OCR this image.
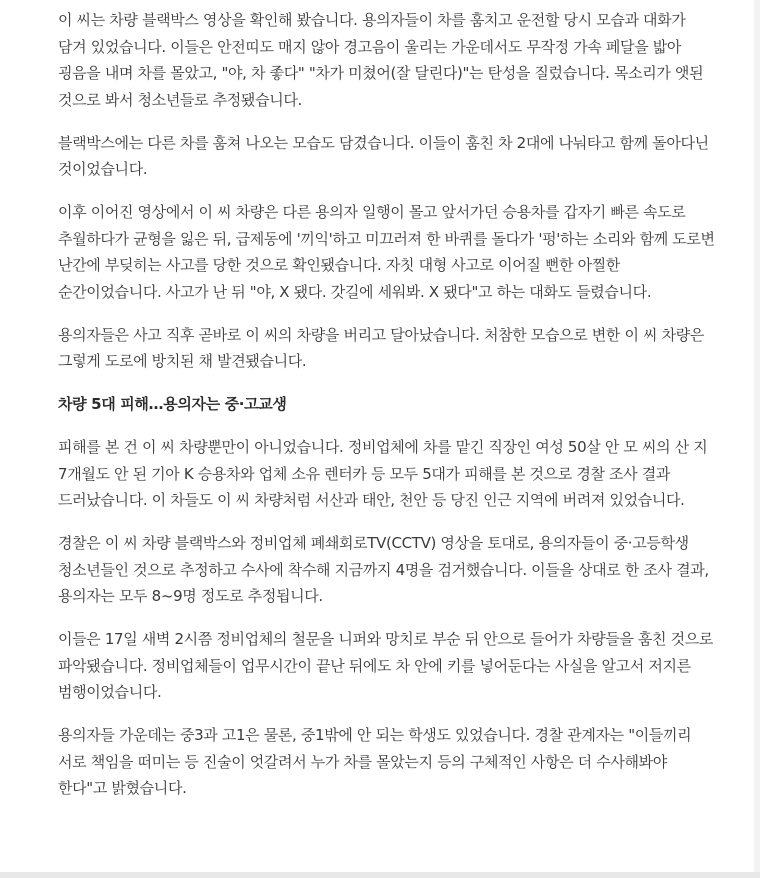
이 씨는 차량 블랙박스 영상을 확인해 봤습니다. 용의자들이 차를 훔치고 운전할 당시 모습과 대화가 담겨 있었습니다. 이들은 안전띠도 매지 않아 경고음이 울리는 가운데서도 무작정 가속 페달을 밟아 굉음을 내며 차를 몰았고, "야, 차 좋다" "차가 미쳤어(잘 달린다)"는 탄성을 질렀습니다. 목소리가 앳된 것으로 봐서 청소년들로 추정됐습니다.

블랙박스에는 다른 차를 훔쳐 나오는 모습도 담겼습니다. 이들이 훔친 차 2대에 나눠타고 함께 돌아다닌 것이었습니다.

이후 이어진 영상에서 이 씨 차량은 다른 용의자 일행이 몰고 앞서가던 승용차를 갑자기 빠른 속도로 추월하다가 균형을 잃은 뒤, 급제동에 '끼익'하고 미끄러져 한 바퀴를 돌다가 '펑'하는 소리와 함께 도로변 난간에 부딪히는 사고를 당한 것으로 확인됐습니다. 자칫 대형 사고로 이어질 뻔한 아찔한 순간이었습니다. 사고가 난 뒤 "야, X 됐다. 갓길에 세워봐. X 됐다"고 하는 대화도 들렸습니다.

용의자들은 사고 직후 곧바로 이 씨의 차량을 버리고 달아났습니다. 처참한 모습으로 변한 이 씨 차량은 그렇게 도로에 방치된 채 발견됐습니다.

차량 5대 피해…용의자는 중·고교생

피해를 본 건 이 씨 차량뿐만이 아니었습니다. 정비업체에 차를 맡긴 직장인 여성 50살 안 모 씨의 산 지 7개월도 안 된 기아 K 승용차와 업체 소유 렌터카 등 모두 5대가 피해를 본 것으로 경찰 조사 결과 드러났습니다. 이 차들도 이 씨 차량처럼 서산과 태안, 천안 등 당진 인근 지역에 버려져 있었습니다.

경찰은 이 씨 차량 블랙박스와 정비업체 폐쇄회로TV(CCTV) 영상을 토대로, 용의자들이 중·고등학생 청소년들인 것으로 추정하고 수사에 착수해 지금까지 4명을 검거했습니다. 이들을 상대로 한 조사 결과, 용의자는 모두 8~9명 정도로 추정됩니다.

이들은 17일 새벽 2시쯤 정비업체의 철문을 니퍼와 망치로 부순 뒤 안으로 들어가 차량들을 훔친 것으로 파악됐습니다. 정비업체들이 업무시간이 끝난 뒤에도 차 안에 키를 넣어둔다는 사실을 알고서 저지른 범행이었습니다.

용의자들 가운데는 중3과 고1은 물론, 중1밖에 안 되는 학생도 있었습니다. 경찰 관계자는 "이들끼리 서로 책임을 떠미는 등 진술이 엇갈려서 누가 차를 몰았는지 등의 구체적인 사항은 더 수사해봐야 한다"고 밝혔습니다.
